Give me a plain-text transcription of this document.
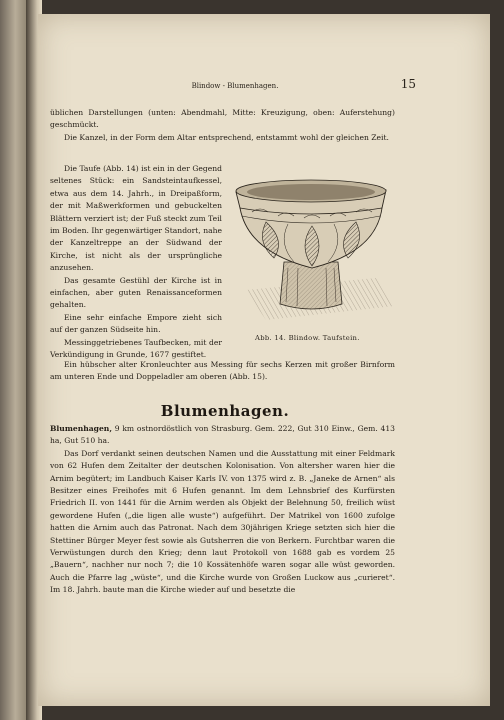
Blindow - Blumenhagen.	15

üblichen Darstellungen (unten: Abendmahl, Mitte: Kreuzigung, oben: Auferstehung) geschmückt.

Die Kanzel, in der Form dem Altar entsprechend, entstammt wohl der gleichen Zeit.

Die Taufe (Abb. 14) ist ein in der Gegend seltenes Stück: ein Sandsteintaufkessel, etwa aus dem 14. Jahrh., in Dreipaßform, der mit Maßwerkformen und gebuckelten Blättern verziert ist; der Fuß steckt zum Teil im Boden. Ihr gegenwärtiger Standort, nahe der Kanzeltreppe an der Südwand der Kirche, ist nicht als der ursprüngliche anzusehen.

Das gesamte Gestühl der Kirche ist in einfachen, aber guten Renaissanceformen gehalten.

Eine sehr einfache Empore zieht sich auf der ganzen Südseite hin.

Messinggetriebenes Taufbecken, mit der Verkündigung in Grunde, 1677 gestiftet.

Abb. 14. Blindow. Taufstein.

Ein hübscher alter Kronleuchter aus Messing für sechs Kerzen mit großer Birnform am unteren Ende und Doppeladler am oberen (Abb. 15).

Blumenhagen.

Blumenhagen, 9 km ostnordöstlich von Strasburg. Gem. 222, Gut 310 Einw., Gem. 413 ha, Gut 510 ha.

Das Dorf verdankt seinen deutschen Namen und die Ausstattung mit einer Feldmark von 62 Hufen dem Zeitalter der deutschen Kolonisation. Von altersher waren hier die Arnim begütert; im Landbuch Kaiser Karls IV. von 1375 wird z. B. „Janeke de Arnen“ als Besitzer eines Freihofes mit 6 Hufen genannt. Im dem Lehnsbrief des Kurfürsten Friedrich II. von 1441 für die Arnim werden als Objekt der Belehnung 50, freilich wüst gewordene Hufen („die ligen alle wuste“) aufgeführt. Der Matrikel von 1600 zufolge hatten die Arnim auch das Patronat. Nach dem 30jährigen Kriege setzten sich hier die Stettiner Bürger Meyer fest sowie als Gutsherren die von Berkern. Furchtbar waren die Verwüstungen durch den Krieg; denn laut Protokoll von 1688 gab es vordem 25 „Bauern“, nachher nur noch 7; die 10 Kossätenhöfe waren sogar alle wüst geworden. Auch die Pfarre lag „wüste“, und die Kirche wurde von Großen Luckow aus „curieret“. Im 18. Jahrh. baute man die Kirche wieder auf und besetzte die
